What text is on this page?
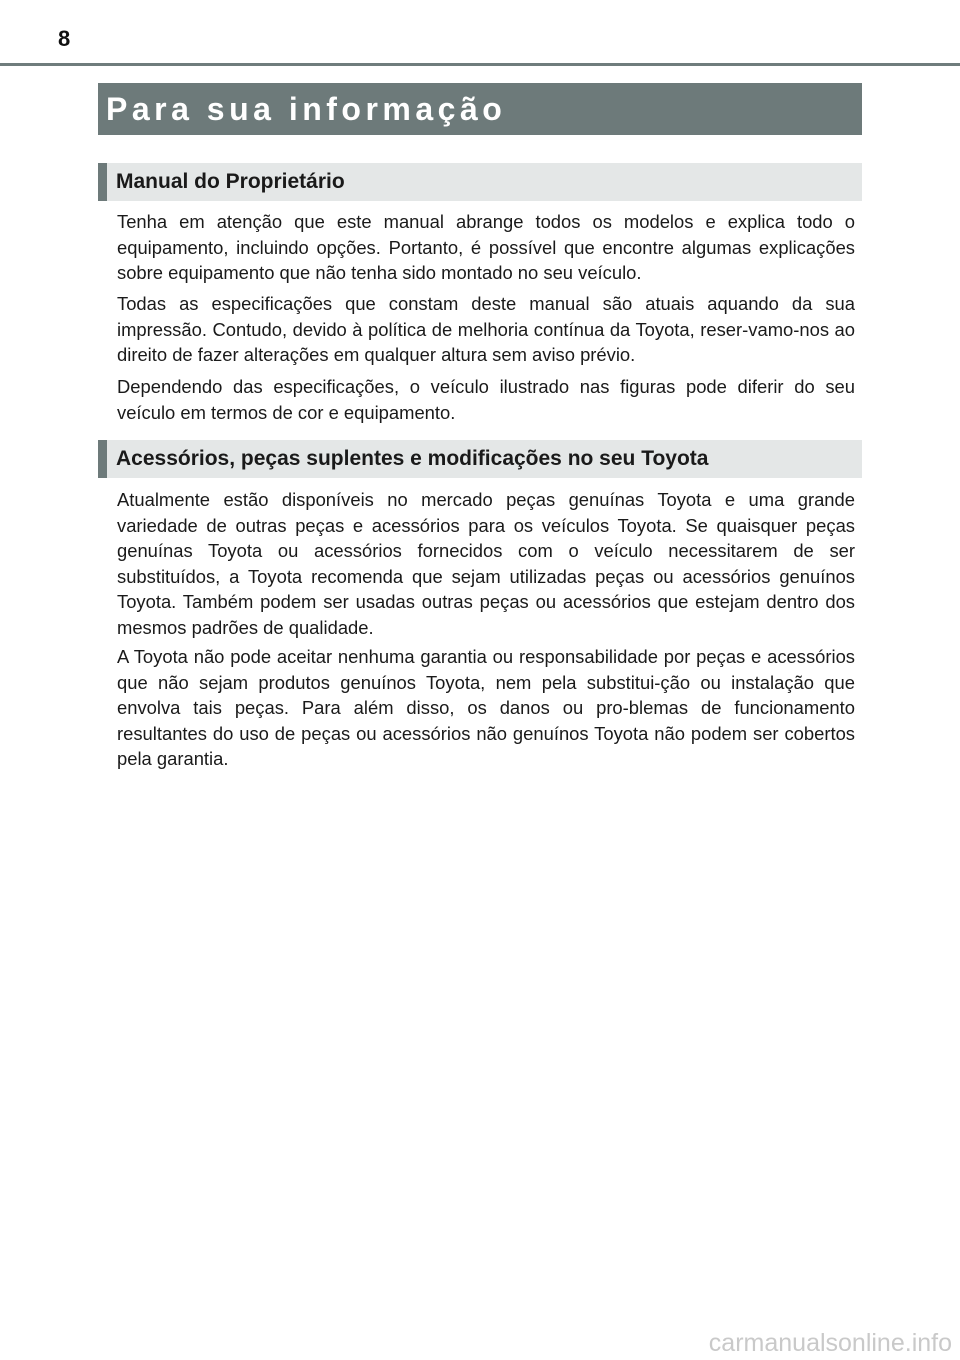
8
Para sua informação
Manual do Proprietário

Tenha em atenção que este manual abrange todos os modelos e explica todo o equipamento, incluindo opções. Portanto, é possível que encontre algumas explicações sobre equipamento que não tenha sido montado no seu veículo.

Todas as especificações que constam deste manual são atuais aquando da sua impressão. Contudo, devido à política de melhoria contínua da Toyota, reser-vamo-nos ao direito de fazer alterações em qualquer altura sem aviso prévio.

Dependendo das especificações, o veículo ilustrado nas figuras pode diferir do seu veículo em termos de cor e equipamento.

Acessórios, peças suplentes e modificações no seu Toyota

Atualmente estão disponíveis no mercado peças genuínas Toyota e uma grande variedade de outras peças e acessórios para os veículos Toyota. Se quaisquer peças genuínas Toyota ou acessórios fornecidos com o veículo necessitarem de ser substituídos, a Toyota recomenda que sejam utilizadas peças ou acessórios genuínos Toyota. Também podem ser usadas outras peças ou acessórios que estejam dentro dos mesmos padrões de qualidade.

A Toyota não pode aceitar nenhuma garantia ou responsabilidade por peças e acessórios que não sejam produtos genuínos Toyota, nem pela substitui-ção ou instalação que envolva tais peças. Para além disso, os danos ou pro-blemas de funcionamento resultantes do uso de peças ou acessórios não genuínos Toyota não podem ser cobertos pela garantia.

carmanualsonline.info
